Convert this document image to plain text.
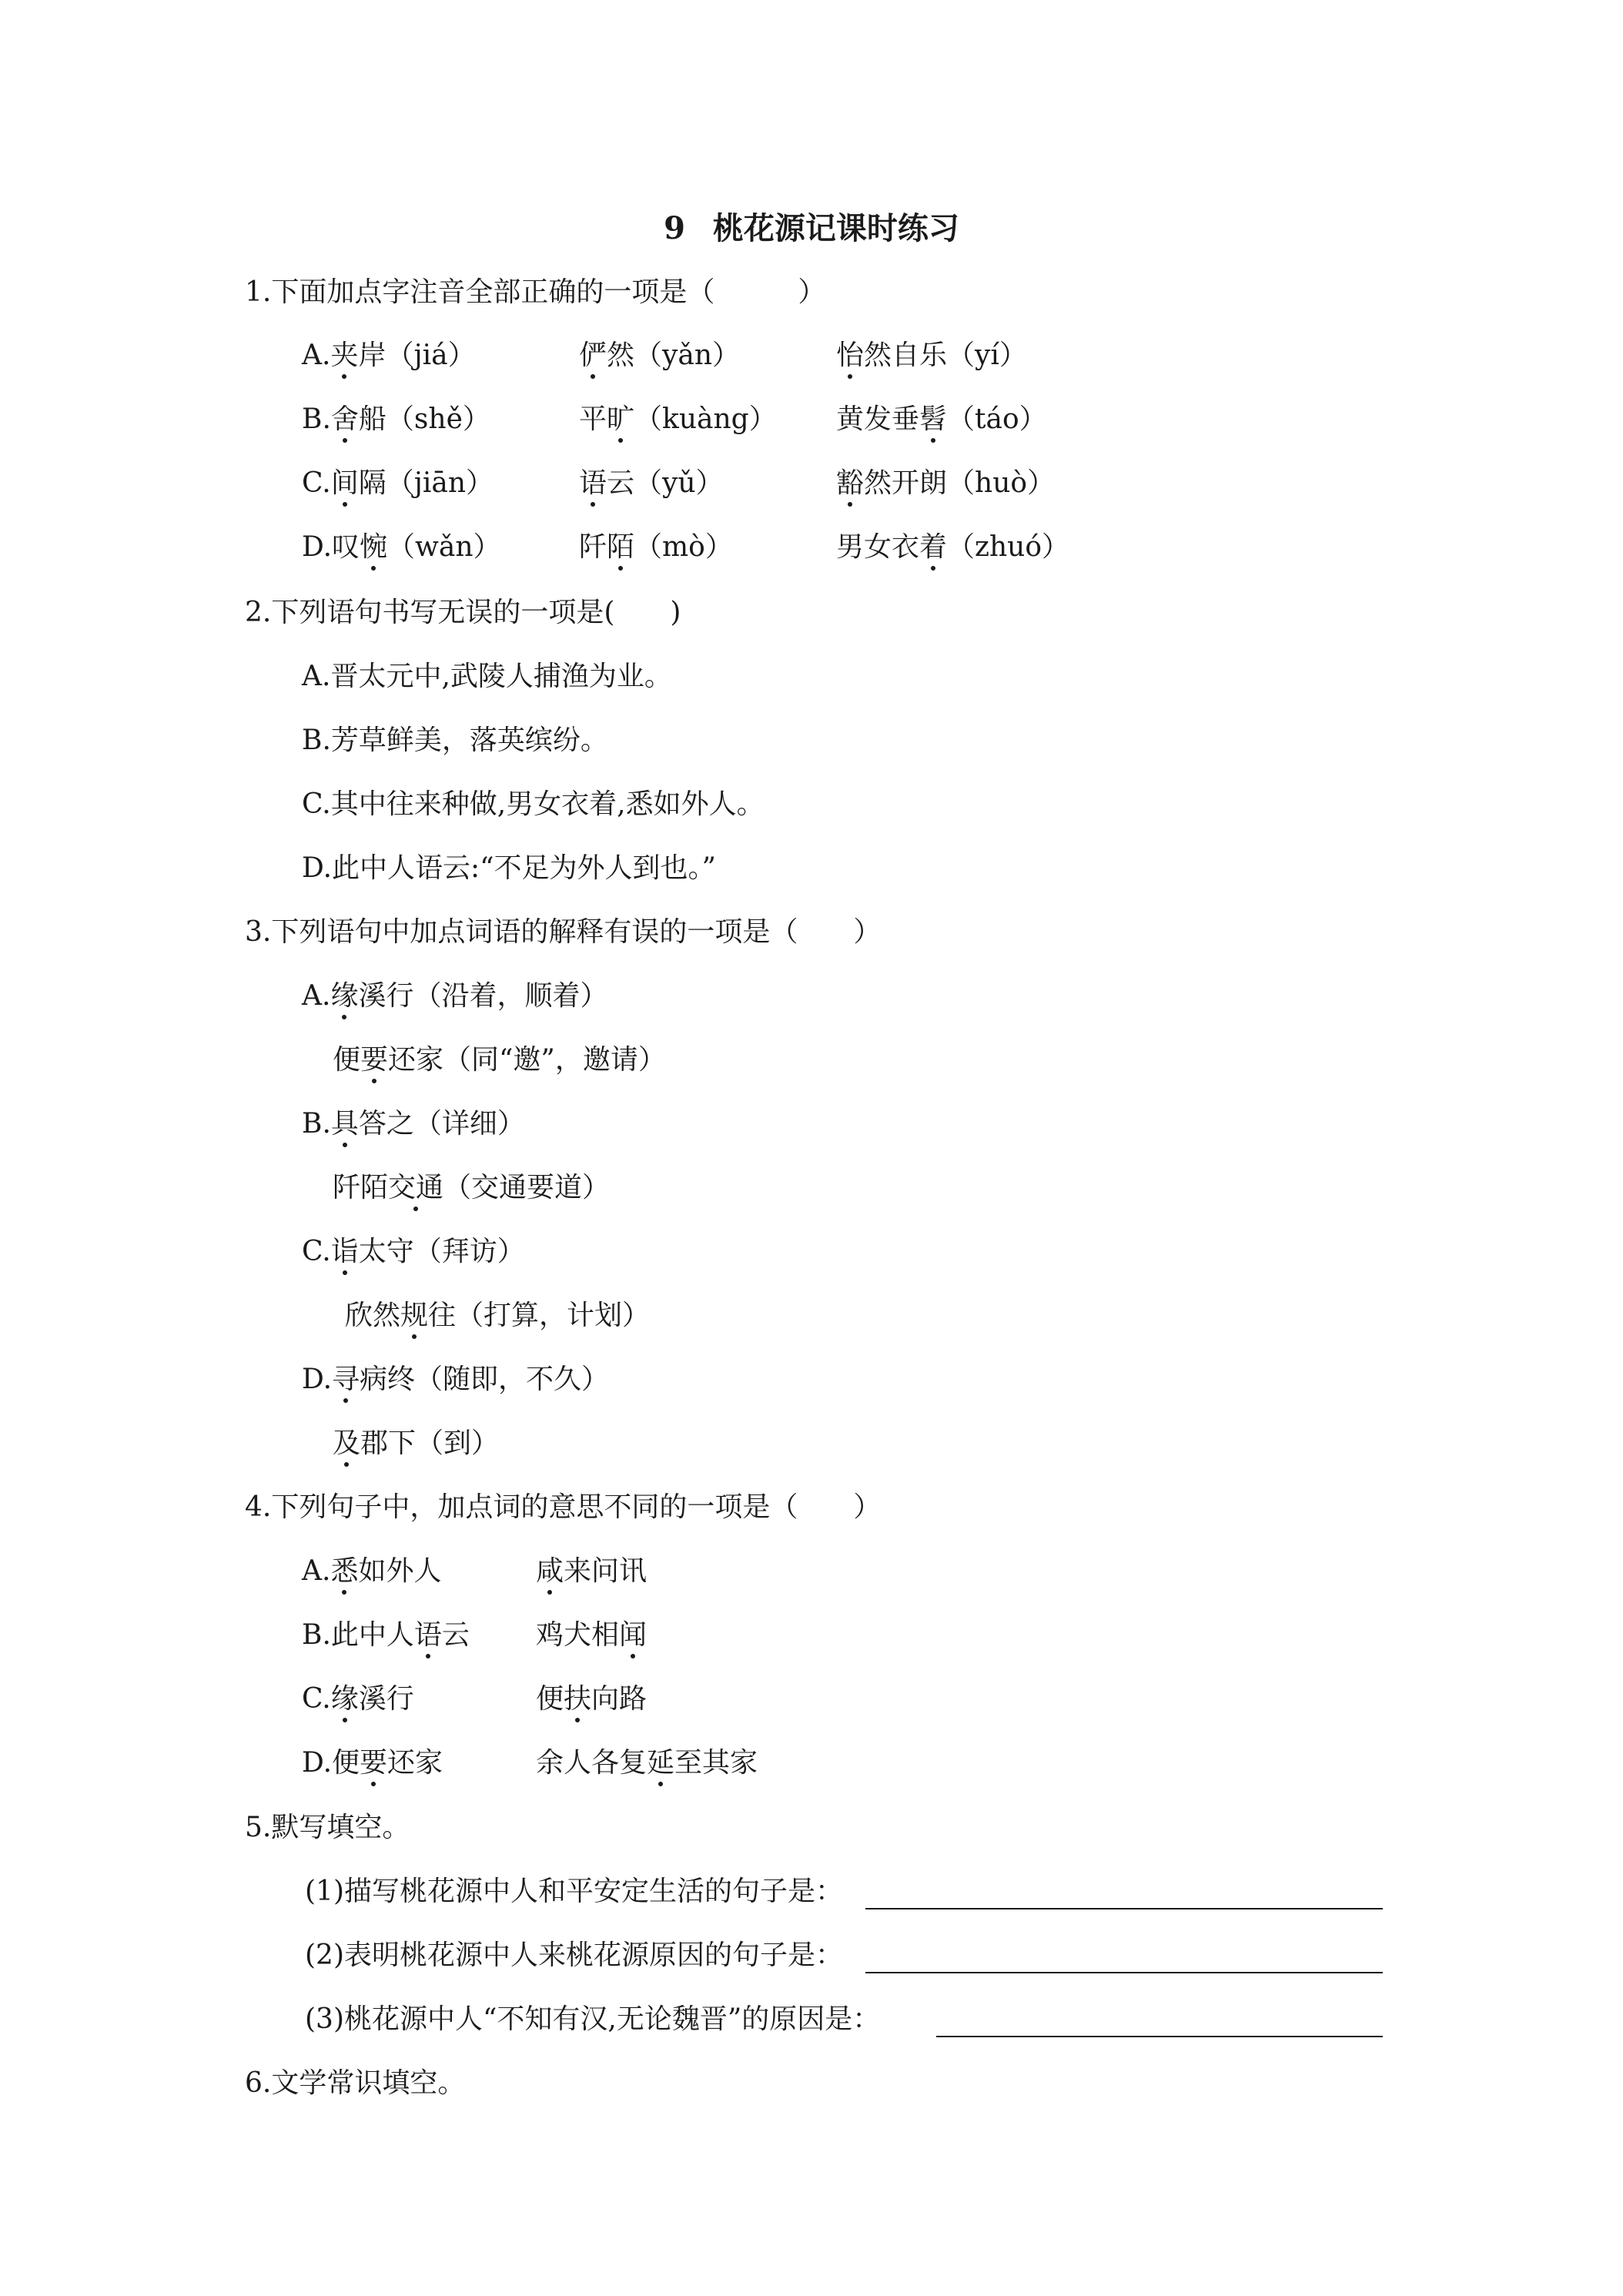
9 桃花源记课时练习
1.下面加点字注音全部正确的一项是（　　　）
A.夹岸（jiá）	俨然（yǎn）	怡然自乐（yí）
B.舍船（shě）	平旷（kuàng） 黄发垂髫（táo）
C.间隔（jiān）	语云（yǔ）	豁然开朗（huò）
D.叹惋（wǎn）	阡陌（mò）	男女衣着（zhuó）
2.下列语句书写无误的一项是(　　)
A.晋太元中,武陵人捕渔为业。
B.芳草鲜美，落英缤纷。
C.其中往来种做,男女衣着,悉如外人。
D.此中人语云:“不足为外人到也。”
3.下列语句中加点词语的解释有误的一项是（　　）
A.缘溪行（沿着，顺着）
便要还家（同“邀”，邀请）
B.具答之（详细）
阡陌交通（交通要道）
C.诣太守（拜访）
欣然规往（打算，计划）
D.寻病终（随即，不久）
及郡下（到）
4.下列句子中，加点词的意思不同的一项是（　　）
A.悉如外人	咸来问讯
B.此中人语云 鸡犬相闻
C.缘溪行	便扶向路
D.便要还家	余人各复延至其家
5.默写填空。
(1)描写桃花源中人和平安定生活的句子是：
(2)表明桃花源中人来桃花源原因的句子是：
(3)桃花源中人“不知有汉,无论魏晋”的原因是：
6.文学常识填空。
